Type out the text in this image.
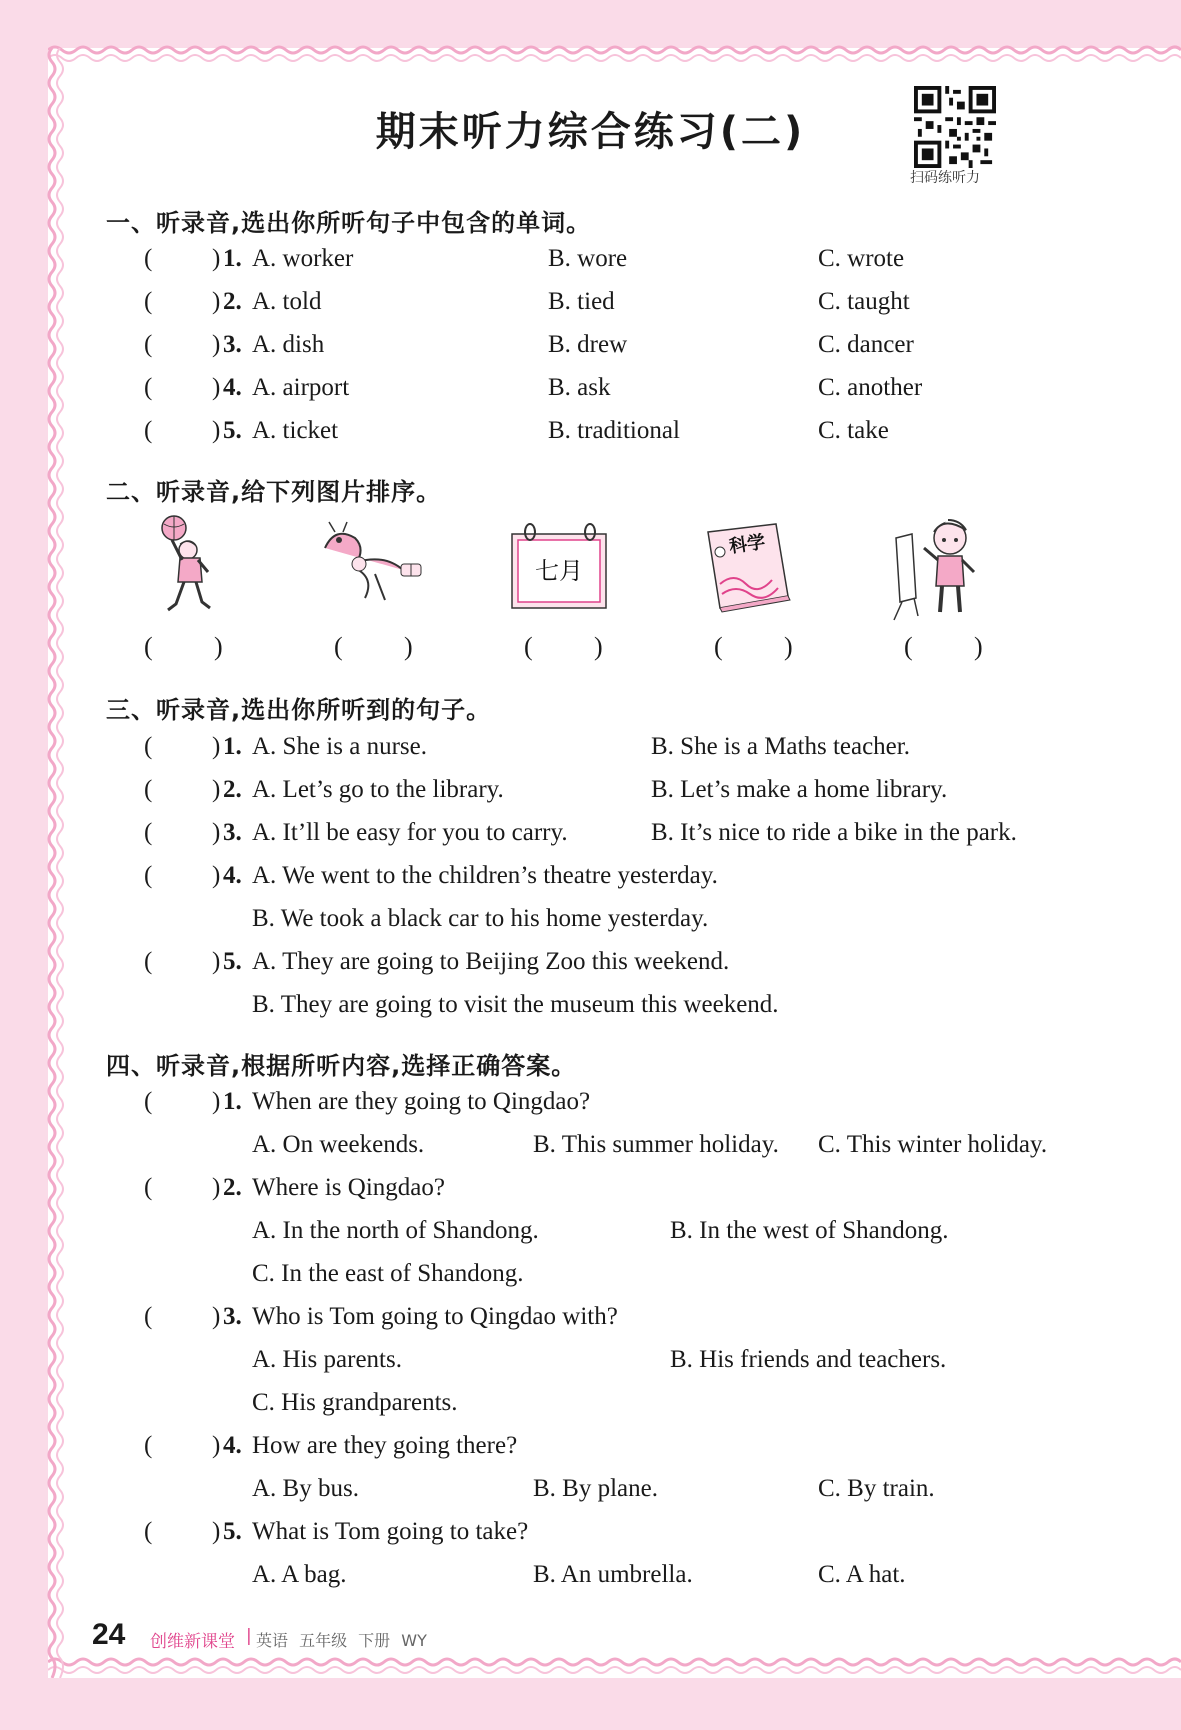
期末听力综合练习(二)
扫码练听力
一、听录音,选出你所听句子中包含的单词。
( ) 1. A. worker	B. wore	C. wrote
( ) 2. A. told	B. tied	C. taught
( ) 3. A. dish	B. drew	C. dancer
( ) 4. A. airport	B. ask	C. another
( ) 5. A. ticket	B. traditional	C. take
二、听录音,给下列图片排序。
七月
科学
( )	( )	( )	( )	( )
三、听录音,选出你所听到的句子。
( ) 1. A. She is a nurse.	B. She is a Maths teacher.
( ) 2. A. Let’s go to the library.	B. Let’s make a home library.
( ) 3. A. It’ll be easy for you to carry.	B. It’s nice to ride a bike in the park.
( ) 4. A. We went to the children’s theatre yesterday.
B. We took a black car to his home yesterday.
( ) 5. A. They are going to Beijing Zoo this weekend.
B. They are going to visit the museum this weekend.
四、听录音,根据所听内容,选择正确答案。
( ) 1. When are they going to Qingdao?
A. On weekends.	B. This summer holiday. C. This winter holiday.
( ) 2. Where is Qingdao?
A. In the north of Shandong.	B. In the west of Shandong.
C. In the east of Shandong.
( ) 3. Who is Tom going to Qingdao with?
A. His parents.	B. His friends and teachers.
C. His grandparents.
( ) 4. How are they going there?
A. By bus.	B. By plane.	C. By train.
( ) 5. What is Tom going to take?
A. A bag.	B. An umbrella.	C. A hat.
24 创维新课堂 | 英语 五年级 下册 WY
